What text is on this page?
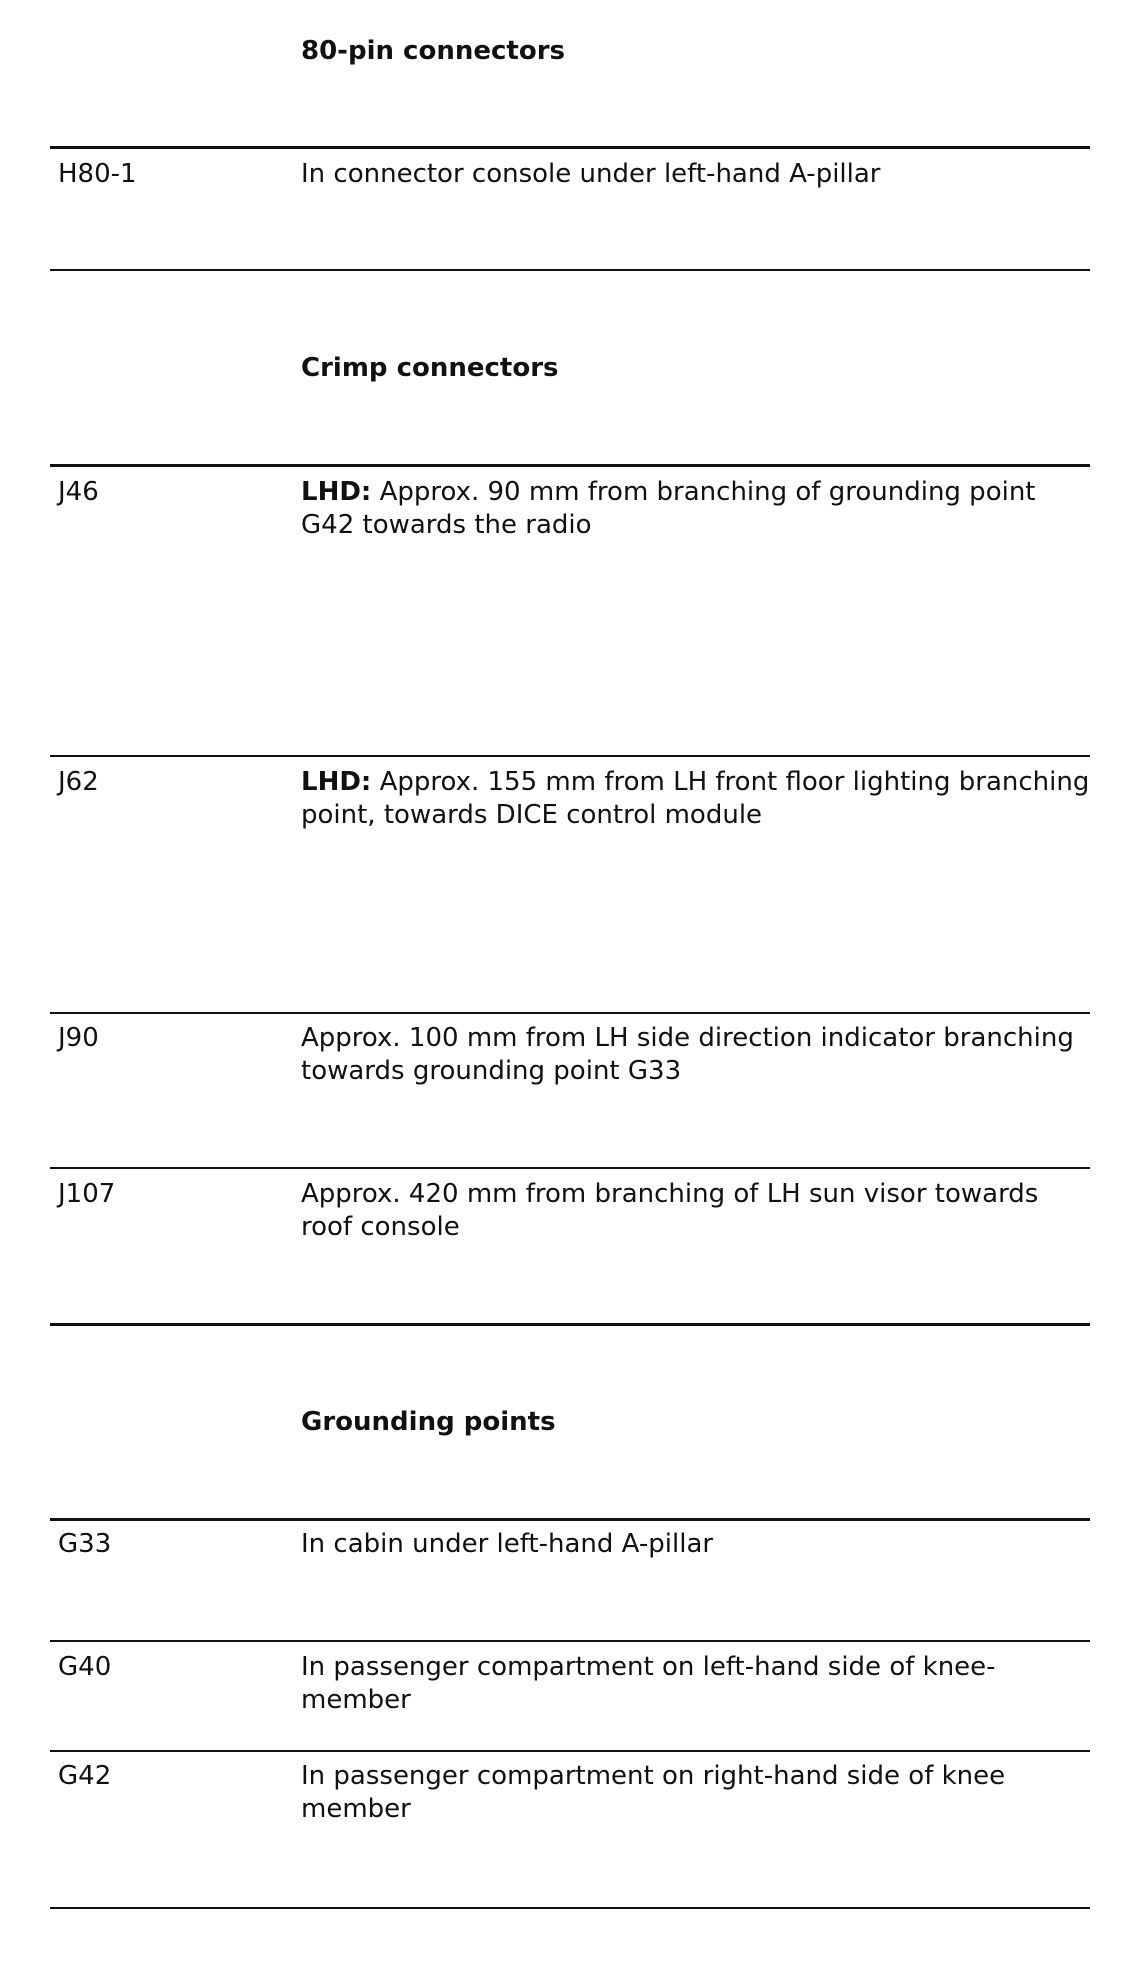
80-pin connectors
H80-1	In connector console under left-hand A-pillar
Crimp connectors
J46	LHD: Approx. 90 mm from branching of grounding point G42 towards the radio
J62	LHD: Approx. 155 mm from LH front floor lighting branching point, towards DICE control module
J90	Approx. 100 mm from LH side direction indicator branching towards grounding point G33
J107	Approx. 420 mm from branching of LH sun visor towards roof console
Grounding points
G33	In cabin under left-hand A-pillar
G40	In passenger compartment on left-hand side of knee-member
G42	In passenger compartment on right-hand side of knee member
